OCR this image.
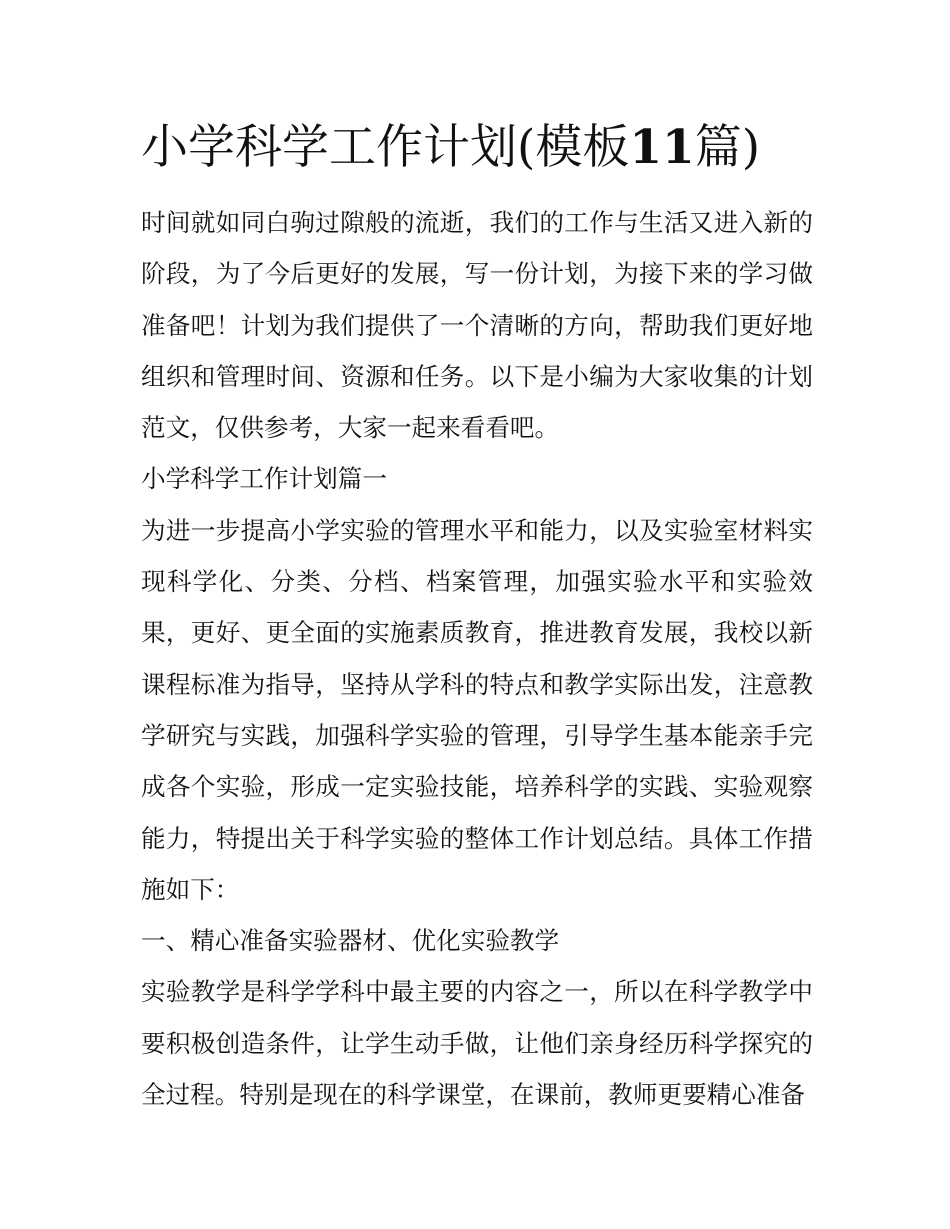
小学科学工作计划(模板11篇)

时间就如同白驹过隙般的流逝，我们的工作与生活又进入新的阶段，为了今后更好的发展，写一份计划，为接下来的学习做准备吧！计划为我们提供了一个清晰的方向，帮助我们更好地组织和管理时间、资源和任务。以下是小编为大家收集的计划范文，仅供参考，大家一起来看看吧。

小学科学工作计划篇一

为进一步提高小学实验的管理水平和能力，以及实验室材料实现科学化、分类、分档、档案管理，加强实验水平和实验效果，更好、更全面的实施素质教育，推进教育发展，我校以新课程标准为指导，坚持从学科的特点和教学实际出发，注意教学研究与实践，加强科学实验的管理，引导学生基本能亲手完成各个实验，形成一定实验技能，培养科学的实践、实验观察能力，特提出关于科学实验的整体工作计划总结。具体工作措施如下：

一、精心准备实验器材、优化实验教学

实验教学是科学学科中最主要的内容之一，所以在科学教学中要积极创造条件，让学生动手做，让他们亲身经历科学探究的全过程。特别是现在的科学课堂，在课前，教师更要精心准备
